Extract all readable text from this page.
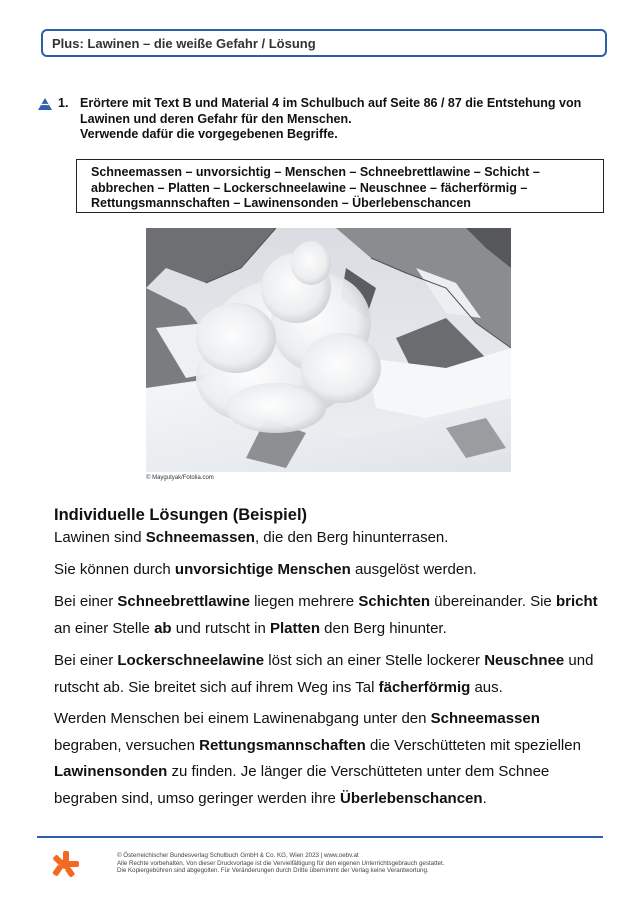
Plus: Lawinen – die weiße Gefahr / Lösung
1. Erörtere mit Text B und Material 4 im Schulbuch auf Seite 86 / 87 die Entstehung von
Lawinen und deren Gefahr für den Menschen.
Verwende dafür die vorgegebenen Begriffe.
Schneemassen – unvorsichtig – Menschen – Schneebrettlawine – Schicht –
abbrechen – Platten – Lockerschneelawine – Neuschnee – fächerförmig –
Rettungsmannschaften – Lawinensonden – Überlebenschancen
© Maygutyak/Fotolia.com
Individuelle Lösungen (Beispiel)

Lawinen sind Schneemassen, die den Berg hinunterrasen.

Sie können durch unvorsichtige Menschen ausgelöst werden.

Bei einer Schneebrettlawine liegen mehrere Schichten übereinander. Sie bricht an einer Stelle ab und rutscht in Platten den Berg hinunter.

Bei einer Lockerschneelawine löst sich an einer Stelle lockerer Neuschnee und rutscht ab. Sie breitet sich auf ihrem Weg ins Tal fächerförmig aus.

Werden Menschen bei einem Lawinenabgang unter den Schneemassen begraben, versuchen Rettungsmannschaften die Verschütteten mit speziellen Lawinensonden zu finden. Je länger die Verschütteten unter dem Schnee begraben sind, umso geringer werden ihre Überlebenschancen.

© Österreichischer Bundesverlag Schulbuch GmbH & Co. KG, Wien 2023 | www.oebv.at
Alle Rechte vorbehalten. Von dieser Druckvorlage ist die Vervielfältigung für den eigenen Unterrichtsgebrauch gestattet.
Die Kopiergebühren sind abgegolten. Für Veränderungen durch Dritte übernimmt der Verlag keine Verantwortung.
